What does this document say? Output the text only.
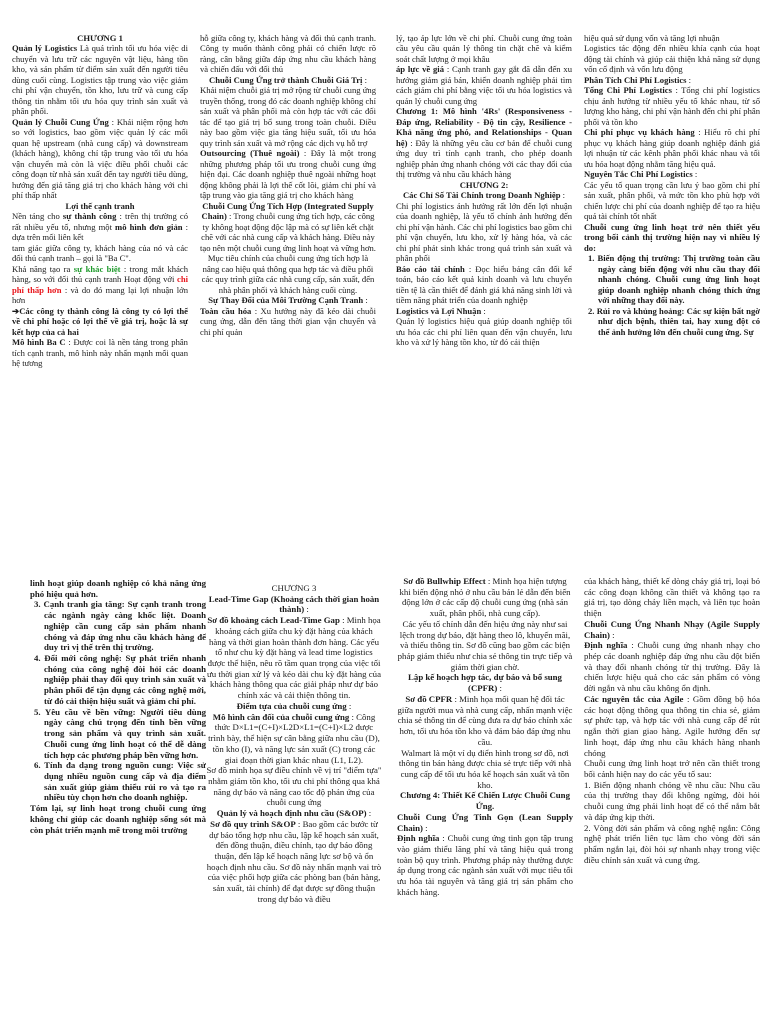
CHƯƠNG 1

Quản lý Logistics Là quá trình tối ưu hóa việc di chuyển và lưu trữ các nguyên vật liệu, hàng tồn kho, và sản phẩm từ điểm sản xuất đến người tiêu dùng cuối cùng. Logistics tập trung vào việc giảm chi phí vận chuyển, tồn kho, lưu trữ và cung cấp thông tin nhằm tối ưu hóa quy trình sản xuất và phân phối.

Quản lý Chuỗi Cung Ứng : Khái niệm rộng hơn so với logistics, bao gồm việc quản lý các mối quan hệ upstream (nhà cung cấp) và downstream (khách hàng), không chỉ tập trung vào tối ưu hóa vận chuyển mà còn là việc điều phối chuỗi các công đoạn từ nhà sản xuất đến tay người tiêu dùng, hướng đến giá tăng giá trị cho khách hàng với chi phí thấp nhất

Lợi thế cạnh tranh

Nền tảng cho sự thành công : trên thị trường có rất nhiều yếu tố, nhưng một mô hình đơn giản : dựa trên mối liên kết

tam giác giữa công ty, khách hàng của nó và các đối thủ cạnh tranh – gọi là "Ba C".

Khả năng tạo ra sự khác biệt : trong mắt khách hàng, so với đối thủ cạnh tranh Hoạt động với chi phí thấp hơn : và do đó mang lại lợi nhuận lớn hơn

➔Các công ty thành công là công ty có lợi thế về chi phí hoặc có lợi thế về giá trị, hoặc là sự kết hợp của cả hai

Mô hình Ba C : Được coi là nền tảng trong phân tích cạnh tranh, mô hình này nhấn mạnh mối quan hệ tương

hỗ giữa công ty, khách hàng và đối thủ cạnh tranh. Công ty muốn thành công phải có chiến lược rõ ràng, cân bằng giữa đáp ứng nhu cầu khách hàng và chiến đấu với đối thủ

Chuỗi Cung Ứng trở thành Chuỗi Giá Trị :

Khái niệm chuỗi giá trị mở rộng từ chuỗi cung ứng truyền thống, trong đó các doanh nghiệp không chỉ sản xuất và phân phối mà còn hợp tác với các đối tác để tạo giá trị bổ sung trong toàn chuỗi. Điều này bao gồm việc gia tăng hiệu suất, tối ưu hóa quy trình sản xuất và mở rộng các dịch vụ hỗ trợ

Outsourcing (Thuê ngoài) : Đây là một trong những phương pháp tối ưu trong chuỗi cung ứng hiện đại. Các doanh nghiệp thuê ngoài những hoạt động không phải là lợi thế cốt lõi, giảm chi phí và tập trung vào gia tăng giá trị cho khách hàng

Chuỗi Cung Ứng Tích Hợp (Integrated Supply Chain) : Trong chuỗi cung ứng tích hợp, các công ty không hoạt động độc lập mà có sự liên kết chặt chẽ với các nhà cung cấp và khách hàng. Điều này tạo nên một chuỗi cung ứng linh hoạt và vững hơn. Mục tiêu chính của chuỗi cung ứng tích hợp là nâng cao hiệu quả thông qua hợp tác và điều phối các quy trình giữa các nhà cung cấp, sản xuất, đến nhà phân phối và khách hàng cuối cùng.

Sự Thay Đổi của Môi Trường Cạnh Tranh :

Toàn cầu hóa : Xu hướng này đã kéo dài chuỗi cung ứng, dẫn đến tăng thời gian vận chuyển và chi phí quản

lý, tạo áp lực lớn về chi phí. Chuỗi cung ứng toàn cầu yêu cầu quản lý thông tin chặt chẽ và kiểm soát chất lượng ở mọi khâu

áp lực về giá : Cạnh tranh gay gắt đã dẫn đến xu hướng giảm giá bán, khiến doanh nghiệp phải tìm cách giảm chi phí bằng việc tối ưu hóa logistics và quản lý chuỗi cung ứng

Chương 1: Mô hình '4Rs' (Responsiveness - Đáp ứng, Reliability - Độ tin cậy, Resilience - Khả năng ứng phó, and Relationships - Quan hệ) : Đây là những yêu cầu cơ bản để chuỗi cung ứng duy trì tính cạnh tranh, cho phép doanh nghiệp phản ứng nhanh chóng với các thay đổi của thị trường và nhu cầu khách hàng

CHƯƠNG 2:

Các Chỉ Số Tài Chính trong Doanh Nghiệp :

Chi phí logistics ảnh hưởng rất lớn đến lợi nhuận của doanh nghiệp, là yếu tố chính ảnh hưởng đến chi phí vận hành. Các chi phí logistics bao gồm chi phí vận chuyển, lưu kho, xử lý hàng hóa, và các chi phí phát sinh khác trong quá trình sản xuất và phân phối

Báo cáo tài chính : Đọc hiểu bảng cân đối kế toán, báo cáo kết quả kinh doanh và lưu chuyển tiền tệ là cần thiết để đánh giá khả năng sinh lời và tiềm năng phát triển của doanh nghiệp

Logistics và Lợi Nhuận :

Quản lý logistics hiệu quả giúp doanh nghiệp tối ưu hóa các chi phí liên quan đến vận chuyển, lưu kho và xử lý hàng tồn kho, từ đó cải thiện

hiệu quả sử dụng vốn và tăng lợi nhuận

Logistics tác động đến nhiều khía cạnh của hoạt động tài chính và giúp cải thiện khả năng sử dụng vốn cố định và vốn lưu động

Phân Tích Chi Phí Logistics :

Tổng Chi Phí Logistics : Tổng chi phí logistics chịu ảnh hưởng từ nhiều yếu tố khác nhau, từ số lượng kho hàng, chi phí vận hành đến chi phí phân phối và tồn kho

Chi phí phục vụ khách hàng : Hiểu rõ chi phí phục vụ khách hàng giúp doanh nghiệp đánh giá lợi nhuận từ các kênh phân phối khác nhau và tối ưu hóa hoạt động nhằm tăng hiệu quả.

Nguyên Tắc Chi Phí Logistics :

Các yếu tố quan trọng cần lưu ý bao gồm chi phí sản xuất, phân phối, và mức tồn kho phù hợp với chiến lược chi phí của doanh nghiệp để tạo ra hiệu quả tài chính tốt nhất

Chuỗi cung ứng linh hoạt trở nên thiết yếu trong bối cảnh thị trường hiện nay vì nhiều lý do:

1. Biến động thị trường: Thị trường toàn cầu ngày càng biến động với nhu cầu thay đổi nhanh chóng. Chuỗi cung ứng linh hoạt giúp doanh nghiệp nhanh chóng thích ứng với những thay đổi này.

2. Rủi ro và khủng hoảng: Các sự kiện bất ngờ như dịch bệnh, thiên tai, hay xung đột có thể ảnh hưởng lớn đến chuỗi cung ứng. Sự

linh hoạt giúp doanh nghiệp có khả năng ứng phó hiệu quả hơn.

3. Cạnh tranh gia tăng: Sự cạnh tranh trong các ngành ngày càng khốc liệt. Doanh nghiệp cần cung cấp sản phẩm nhanh chóng và đáp ứng nhu cầu khách hàng để duy trì vị thế trên thị trường.

4. Đổi mới công nghệ: Sự phát triển nhanh chóng của công nghệ đòi hỏi các doanh nghiệp phải thay đổi quy trình sản xuất và phân phối để tận dụng các công nghệ mới, từ đó cải thiện hiệu suất và giảm chi phí.

5. Yêu cầu về bền vững: Người tiêu dùng ngày càng chú trọng đến tính bền vững trong sản phẩm và quy trình sản xuất. Chuỗi cung ứng linh hoạt có thể dễ dàng tích hợp các phương pháp bền vững hơn.

6. Tính đa dạng trong nguồn cung: Việc sử dụng nhiều nguồn cung cấp và địa điểm sản xuất giúp giảm thiểu rủi ro và tạo ra nhiều tùy chọn hơn cho doanh nghiệp.

Tóm lại, sự linh hoạt trong chuỗi cung ứng không chỉ giúp các doanh nghiệp sống sót mà còn phát triển mạnh mẽ trong môi trường

CHƯƠNG 3

Lead-Time Gap (Khoảng cách thời gian hoàn thành) :

Sơ đồ khoảng cách Lead-Time Gap : Minh họa khoảng cách giữa chu kỳ đặt hàng của khách hàng và thời gian hoàn thành đơn hàng. Các yếu tố như chu kỳ đặt hàng và lead time logistics được thể hiện, nêu rõ tầm quan trọng của việc tối ưu thời gian xử lý và kéo dài chu kỳ đặt hàng của khách hàng thông qua các giải pháp như dự báo chính xác và cải thiện thông tin.

Điểm tựa của chuỗi cung ứng :

Mô hình cân đối của chuỗi cung ứng : Công thức D×L1=(C+I)×L2D×L1=(C+I)×L2 được trình bày, thể hiện sự cân bằng giữa nhu cầu (D), tồn kho (I), và năng lực sản xuất (C) trong các giai đoạn thời gian khác nhau (L1, L2).

Sơ đồ minh họa sự điều chỉnh về vị trí "điểm tựa" nhằm giảm tồn kho, tối ưu chi phí thông qua khả năng dự báo và năng cao tốc độ phản ứng của chuỗi cung ứng

Quản lý và hoạch định nhu cầu (S&OP) :

Sơ đồ quy trình S&OP : Bao gồm các bước từ dự báo tổng hợp nhu cầu, lập kế hoạch sản xuất, đến đồng thuận, điều chỉnh, tạo dự báo đồng thuận, đến lập kế hoạch năng lực sơ bộ và ổn hoạch định nhu cầu. Sơ đồ này nhấn mạnh vai trò của việc phối hợp giữa các phòng ban (bán hàng, sản xuất, tài chính) để đạt được sự đồng thuận trong dự báo và điều

Sơ đồ Bullwhip Effect : Minh họa hiện tượng khi biến động nhỏ ở nhu cầu bán lẻ dẫn đến biến động lớn ở các cấp độ chuỗi cung ứng (nhà sản xuất, phân phối, nhà cung cấp).

Các yếu tố chính dẫn đến hiệu ứng này như sai lệch trong dự báo, đặt hàng theo lô, khuyến mãi, và thiếu thông tin. Sơ đồ cũng bao gồm các biện pháp giảm thiểu như chia sẻ thông tin trực tiếp và giảm thời gian chờ.

Lập kế hoạch hợp tác, dự báo và bổ sung (CPFR) :

Sơ đồ CPFR : Minh họa mối quan hệ đối tác giữa người mua và nhà cung cấp, nhấn mạnh việc chia sẻ thông tin để cùng đưa ra dự báo chính xác hơn, tối ưu hóa tồn kho và đảm bảo đáp ứng nhu cầu.

Walmart là một ví dụ điển hình trong sơ đồ, nơi thông tin bán hàng được chia sẻ trực tiếp với nhà cung cấp để tối ưu hóa kế hoạch sản xuất và tồn kho.

Chương 4: Thiết Kế Chiến Lược Chuỗi Cung Ứng.

Chuỗi Cung Ứng Tinh Gọn (Lean Supply Chain) :

Định nghĩa : Chuỗi cung ứng tinh gọn tập trung vào giảm thiểu lãng phí và tăng hiệu quả trong toàn bộ quy trình. Phương pháp này thường được áp dụng trong các ngành sản xuất với mục tiêu tối ưu hóa tài nguyên và tăng giá trị sản phẩm cho khách hàng.

của khách hàng, thiết kế dòng chảy giá trị, loại bỏ các công đoạn không cần thiết và không tạo ra giá trị, tạo dòng chảy liền mạch, và liên tục hoàn thiện

Chuỗi Cung Ứng Nhanh Nhạy (Agile Supply Chain) :

Định nghĩa : Chuỗi cung ứng nhanh nhạy cho phép các doanh nghiệp đáp ứng nhu cầu đột biến và thay đổi nhanh chóng từ thị trường. Đây là chiến lược hiệu quả cho các sản phẩm có vòng đời ngắn và nhu cầu không ổn định.

Các nguyên tắc của Agile : Gồm đồng bộ hóa các hoạt động thông qua thông tin chia sẻ, giảm sự phức tạp, và hợp tác với nhà cung cấp để rút ngắn thời gian giao hàng. Agile hướng đến sự linh hoạt, đáp ứng nhu cầu khách hàng nhanh chóng

Chuỗi cung ứng linh hoạt trở nên cần thiết trong bối cảnh hiện nay do các yếu tố sau:

1. Biến động nhanh chóng về nhu cầu: Nhu cầu của thị trường thay đổi không ngừng, đòi hỏi chuỗi cung ứng phải linh hoạt để có thể nắm bắt và đáp ứng kịp thời.

2. Vòng đời sản phẩm và công nghệ ngắn: Công nghệ phát triển liên tục làm cho vòng đời sản phẩm ngắn lại, đòi hỏi sự nhanh nhạy trong việc điều chỉnh sản xuất và cung ứng.
